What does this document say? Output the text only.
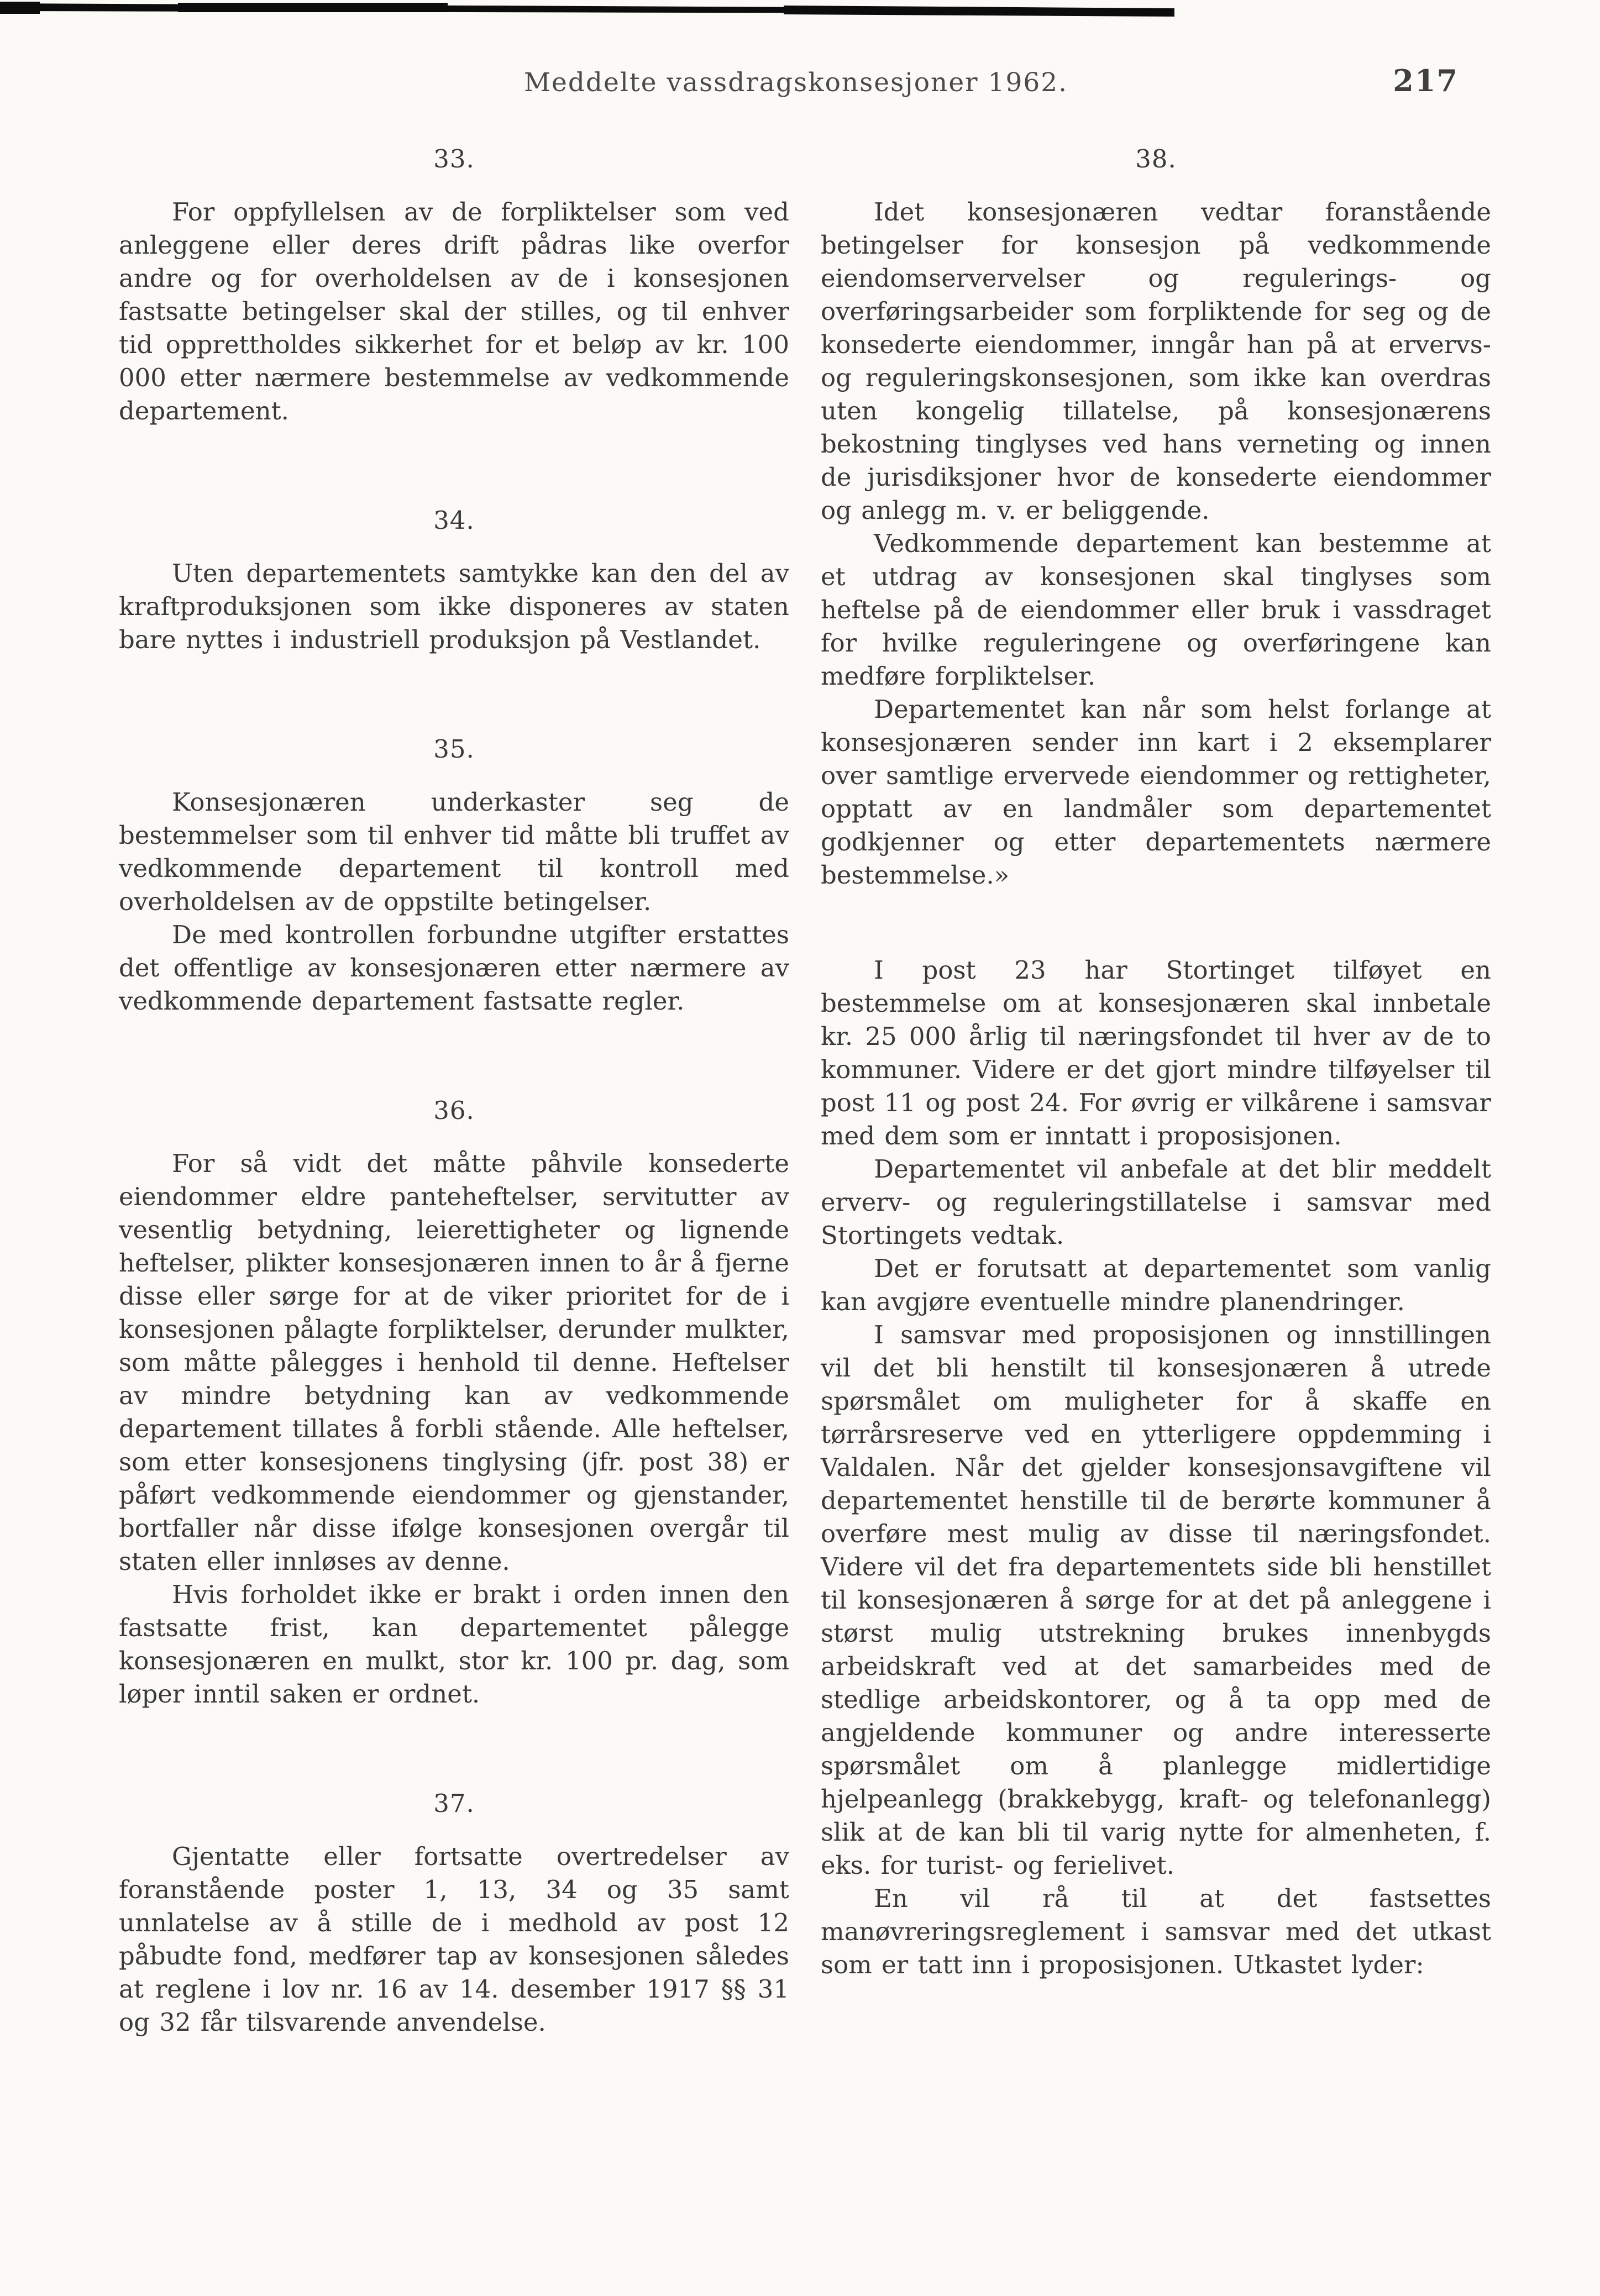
Meddelte vassdragskonsesjoner 1962.	217
33.

For oppfyllelsen av de forpliktelser som ved anleggene eller deres drift pådras like overfor andre og for overholdelsen av de i konsesjonen fastsatte betingelser skal der stilles, og til enhver tid opprettholdes sikkerhet for et beløp av kr. 100 000 etter nærmere bestemmelse av vedkommende departement.

34.

Uten departementets samtykke kan den del av kraftproduksjonen som ikke disponeres av staten bare nyttes i industriell produksjon på Vestlandet.

35.

Konsesjonæren underkaster seg de bestemmelser som til enhver tid måtte bli truffet av vedkommende departement til kontroll med overholdelsen av de oppstilte betingelser.

De med kontrollen forbundne utgifter erstattes det offentlige av konsesjonæren etter nærmere av vedkommende departement fastsatte regler.

36.

For så vidt det måtte påhvile konsederte eiendommer eldre panteheftelser, servitutter av vesentlig betydning, leierettigheter og lignende heftelser, plikter konsesjonæren innen to år å fjerne disse eller sørge for at de viker prioritet for de i konsesjonen pålagte forpliktelser, derunder mulkter, som måtte pålegges i henhold til denne. Heftelser av mindre betydning kan av vedkommende departement tillates å forbli stående. Alle heftelser, som etter konsesjonens tinglysing (jfr. post 38) er påført vedkommende eiendommer og gjenstander, bortfaller når disse ifølge konsesjonen overgår til staten eller innløses av denne.

Hvis forholdet ikke er brakt i orden innen den fastsatte frist, kan departementet pålegge konsesjonæren en mulkt, stor kr. 100 pr. dag, som løper inntil saken er ordnet.

37.

Gjentatte eller fortsatte overtredelser av foranstående poster 1, 13, 34 og 35 samt unnlatelse av å stille de i medhold av post 12 påbudte fond, medfører tap av konsesjonen således at reglene i lov nr. 16 av 14. desember 1917 §§ 31 og 32 får tilsvarende anvendelse.

38.

Idet konsesjonæren vedtar foranstående betingelser for konsesjon på vedkommende eiendomservervelser og regulerings- og overføringsarbeider som forpliktende for seg og de konsederte eiendommer, inngår han på at ervervs- og reguleringskonsesjonen, som ikke kan overdras uten kongelig tillatelse, på konsesjonærens bekostning tinglyses ved hans verneting og innen de jurisdiksjoner hvor de konsederte eiendommer og anlegg m. v. er beliggende.

Vedkommende departement kan bestemme at et utdrag av konsesjonen skal tinglyses som heftelse på de eiendommer eller bruk i vassdraget for hvilke reguleringene og overføringene kan medføre forpliktelser.

Departementet kan når som helst forlange at konsesjonæren sender inn kart i 2 eksemplarer over samtlige ervervede eiendommer og rettigheter, opptatt av en landmåler som departementet godkjenner og etter departementets nærmere bestemmelse.»

I post 23 har Stortinget tilføyet en bestemmelse om at konsesjonæren skal innbetale kr. 25 000 årlig til næringsfondet til hver av de to kommuner. Videre er det gjort mindre tilføyelser til post 11 og post 24. For øvrig er vilkårene i samsvar med dem som er inntatt i proposisjonen.

Departementet vil anbefale at det blir meddelt erverv- og reguleringstillatelse i samsvar med Stortingets vedtak.

Det er forutsatt at departementet som vanlig kan avgjøre eventuelle mindre planendringer.

I samsvar med proposisjonen og innstillingen vil det bli henstilt til konsesjonæren å utrede spørsmålet om muligheter for å skaffe en tørrårsreserve ved en ytterligere oppdemming i Valdalen. Når det gjelder konsesjonsavgiftene vil departementet henstille til de berørte kommuner å overføre mest mulig av disse til næringsfondet. Videre vil det fra departementets side bli henstillet til konsesjonæren å sørge for at det på anleggene i størst mulig utstrekning brukes innenbygds arbeidskraft ved at det samarbeides med de stedlige arbeidskontorer, og å ta opp med de angjeldende kommuner og andre interesserte spørsmålet om å planlegge midlertidige hjelpeanlegg (brakkebygg, kraft- og telefonanlegg) slik at de kan bli til varig nytte for almenheten, f. eks. for turist- og ferielivet.

En vil rå til at det fastsettes manøvreringsreglement i samsvar med det utkast som er tatt inn i proposisjonen. Utkastet lyder:
